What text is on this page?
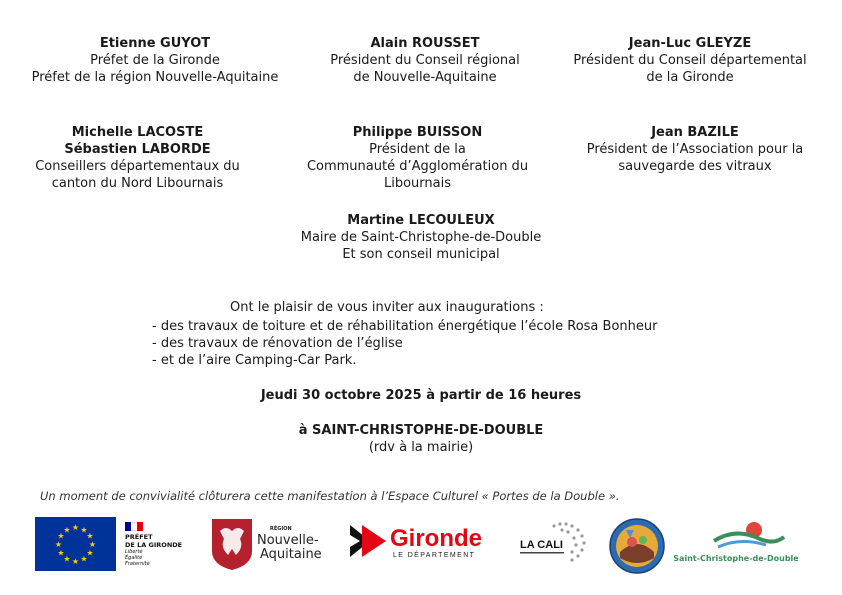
Etienne GUYOT
Préfet de la Gironde
Préfet de la région Nouvelle-Aquitaine
Alain ROUSSET
Président du Conseil régional
de Nouvelle-Aquitaine
Jean-Luc GLEYZE
Président du Conseil départemental
de la Gironde
Michelle LACOSTE
Sébastien LABORDE
Conseillers départementaux du
canton du Nord Libournais
Philippe BUISSON
Président de la
Communauté d’Agglomération du
Libournais
Jean BAZILE
Président de l’Association pour la
sauvegarde des vitraux
Martine LECOULEUX
Maire de Saint-Christophe-de-Double
Et son conseil municipal
Ont le plaisir de vous inviter aux inaugurations :
- des travaux de toiture et de réhabilitation énergétique l’école Rosa Bonheur
- des travaux de rénovation de l’église
- et de l’aire Camping-Car Park.
Jeudi 30 octobre 2025 à partir de 16 heures
à SAINT-CHRISTOPHE-DE-DOUBLE
(rdv à la mairie)
Un moment de convivialité clôturera cette manifestation à l’Espace Culturel « Portes de la Double ».
★ ★
★
★
★
★
★
★
★
★
★
★
PRÉFET
DE LA GIRONDE
Liberté
Égalité
Fraternité
RÉGION
Nouvelle-
Aquitaine
Gironde
LE DÉPARTEMENT
LA CALI
Saint-Christophe-de-Double
